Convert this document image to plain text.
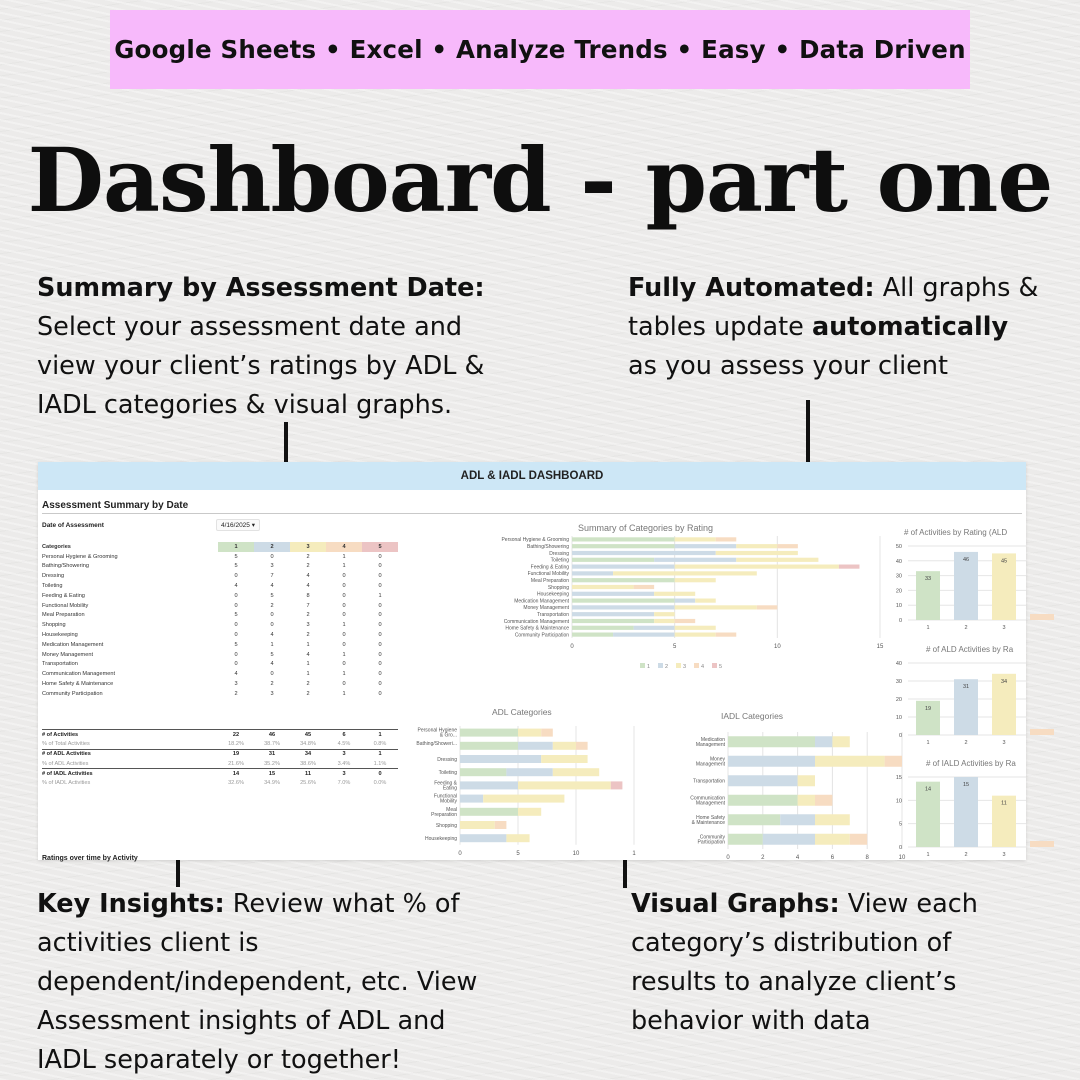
Google Sheets • Excel • Analyze Trends • Easy • Data Driven
Dashboard - part one
Summary by Assessment Date:
Select your assessment date and
view your client’s ratings by ADL &
IADL categories & visual graphs.
Fully Automated: All graphs &
tables update automatically
as you assess your client
Key Insights: Review what % of
activities client is
dependent/independent, etc. View
Assessment insights of ADL and
IADL separately or together!
Visual Graphs: View each
category’s distribution of
results to analyze client’s
behavior with data
ADL & IADL DASHBOARD
Assessment Summary by Date
Date of Assessment	4/16/2025 ▾
Categories	1	2	3	4	5
Personal Hygiene & Grooming	5	0	2	1	0
Bathing/Showering	5	3	2	1	0
Dressing	0	7	4	0	0
Toileting	4	4	4	0	0
Feeding & Eating	0	5	8	0	1
Functional Mobility	0	2	7	0	0
Meal Preparation	5	0	2	0	0
Shopping	0	0	3	1	0
Housekeeping	0	4	2	0	0
Medication Management	5	1	1	0	0
Money Management	0	5	4	1	0
Transportation	0	4	1	0	0
Communication Management	4	0	1	1	0
Home Safety & Maintenance	3	2	2	0	0
Community Participation	2	3	2	1	0
# of Activities	22	46	45	6	1
% of Total Activities	18.2%	38.7%	34.8%	4.5%	0.8%
# of ADL Activities	19	31	34	3	1
% of ADL Activities	21.6%	35.2%	38.6%	3.4%	1.1%
# of IADL Activities	14	15	11	3	0
% of IADL Activities	32.6%	34.9%	25.6%	7.0%	0.0%
Ratings over time by Activity
Summary of Categories by Rating
0	5	10	15
Personal Hygiene & Grooming
Bathing/Showering
Dressing
Toileting
Feeding & Eating
Functional Mobility
Meal Preparation
Shopping
Housekeeping
Medication Management
Money Management
Transportation
Communication Management
Home Safety & Maintenance
Community Participation
1	2	3	4	5
ADL Categories
0	5	10	1
Personal Hygiene
& Gro...
Bathing/Showeri...
Dressing
Toileting
Feeding &
Eating
Functional
Mobility
Meal
Preparation
Shopping
Housekeeping
IADL Categories
0	2	4	6	8	10
Medication
Management
Money
Management
Transportation
Communication
Management
Home Safety
& Maintenance
Community
Participation
# of Activities by Rating (ALD
0
10
20
30
40
50
33
1
46
2
45
3
# of ALD Activities by Ra
0
10
20
30
40
19
1
31
2
34
3
# of IALD Activities by Ra
0
5
10
15
14
1
15
2
11
3
